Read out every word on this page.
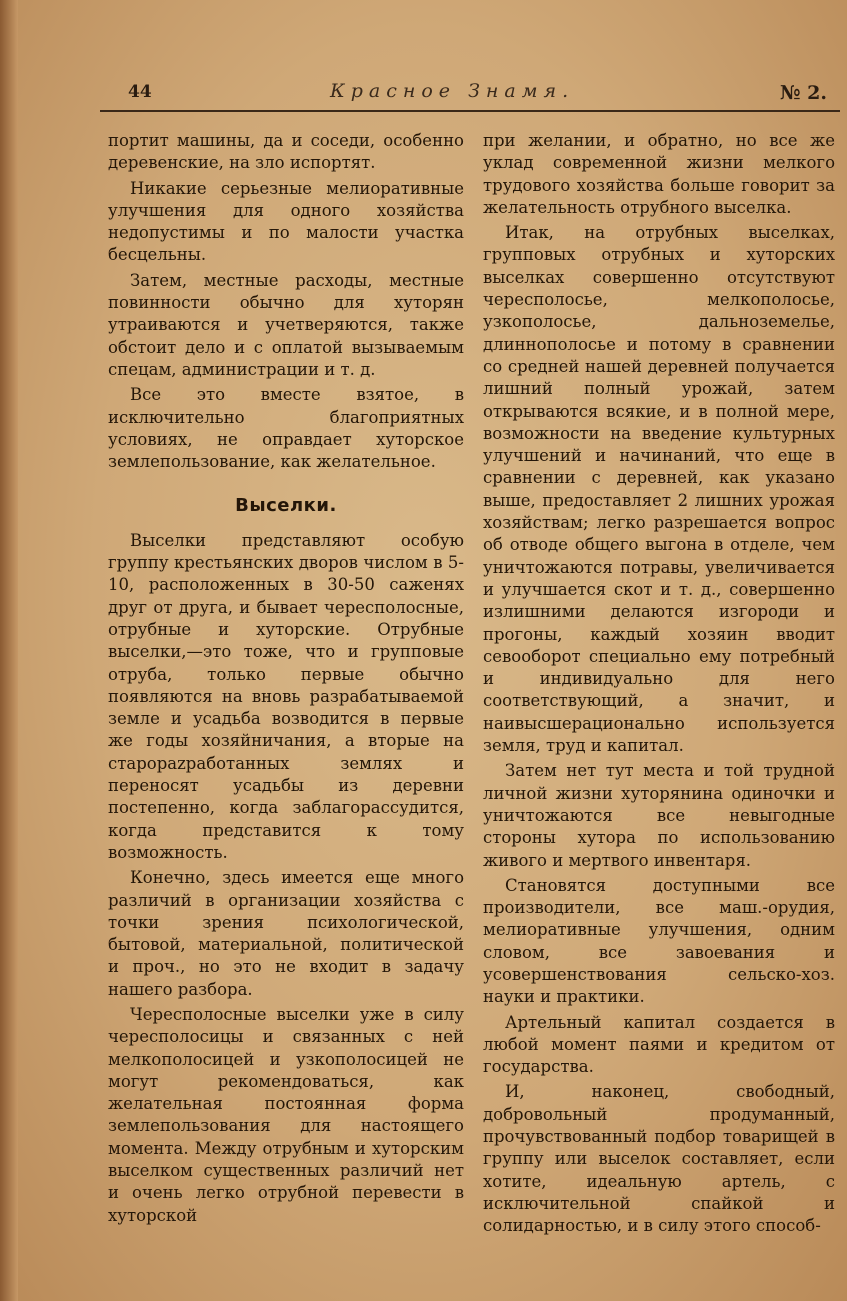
44	Красное Знамя.	№ 2.

портит машины, да и соседи, особенно деревенские, на зло испортят.

Никакие серьезные мелиоративные улучшения для одного хозяйства недопустимы и по малости участка бесцельны.

Затем, местные расходы, местные повинности обычно для хуторян утраиваются и учетверяются, также обстоит дело и с оплатой вызываемым спецам, администрации и т. д.

Все это вместе взятое, в исключительно благоприятных условиях, не оправдает хуторское землепользование, как желательное.

Выселки.

Выселки представляют особую группу крестьянских дворов числом в 5-10, расположенных в 30-50 саженях друг от друга, и бывает чересполосные, отрубные и хуторские. Отрубные выселки,—это тоже, что и групповые отруба, только первые обычно появляются на вновь разрабатываемой земле и усадьба возводится в первые же годы хозяйничания, а вторые на старорazрaбoтанных землях и переносят усадьбы из деревни постепенно, когда заблагорассудится, когда представится к тому возможность.

Конечно, здесь имеется еще много различий в организации хозяйства с точки зрения психологической, бытовой, материальной, политической и проч., но это не входит в задачу нашего разбора.

Чересполосные выселки уже в силу чересполосицы и связанных с ней мелкополосицей и узкополосицей не могут рекомендоваться, как желательная постоянная форма землепользования для настоящего момента. Между отрубным и хуторским выселком существенных различий нет и очень легко отрубной перевести в хуторской

при желании, и обратно, но все же уклад современной жизни мелкого трудового хозяйства больше говорит за желательность отрубного выселка.

Итак, на отрубных выселках, групповых отрубных и хуторских выселках совершенно отсутствуют чересполосье, мелкополосье, узкополосье, дальноземелье, длиннополосье и потому в сравнении со средней нашей деревней получается лишний полный урожай, затем открываются всякие, и в полной мере, возможности на введение культурных улучшений и начинаний, что еще в сравнении с деревней, как указано выше, предоставляет 2 лишних урожая хозяйствам; легко разрешается вопрос об отводе общего выгона в отделе, чем уничтожаются потравы, увеличивается и улучшается скот и т. д., совершенно излишними делаются изгороди и прогоны, каждый хозяин вводит севооборот специально ему потребный и индивидуально для него соответствующий, а значит, и наивысшерационально используется земля, труд и капитал.

Затем нет тут места и той трудной личной жизни хуторянина одиночки и уничтожаются все невыгодные стороны хутора по использованию живого и мертвого инвентаря.

Становятся доступными все производители, все маш.-орудия, мелиоративные улучшения, одним словом, все завоевания и усовершенствования сельско-хоз. науки и практики.

Артельный капитал создается в любой момент паями и кредитом от государства.

И, наконец, свободный, добровольный продуманный, прочувствованный подбор товарищей в группу или выселок составляет, если хотите, идеальную артель, с исключительной спайкой и солидарностью, и в силу этого способ-
